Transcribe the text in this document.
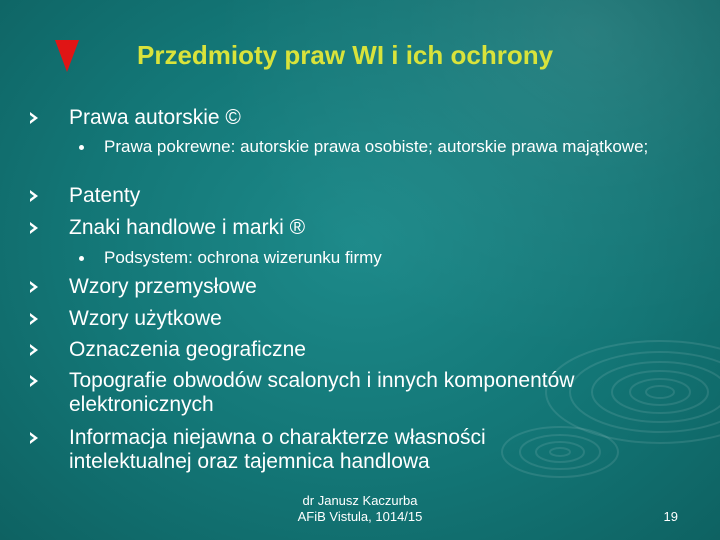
Przedmioty praw WI i ich ochrony
Prawa autorskie ©
Prawa pokrewne: autorskie prawa osobiste; autorskie prawa majątkowe;
Patenty
Znaki handlowe i marki ®
Podsystem: ochrona wizerunku firmy
Wzory przemysłowe
Wzory użytkowe
Oznaczenia geograficzne
Topografie obwodów scalonych i innych komponentów elektronicznych
Informacja niejawna o charakterze własności intelektualnej oraz tajemnica handlowa
dr Janusz Kaczurba
AFiB Vistula, 1014/15	19
